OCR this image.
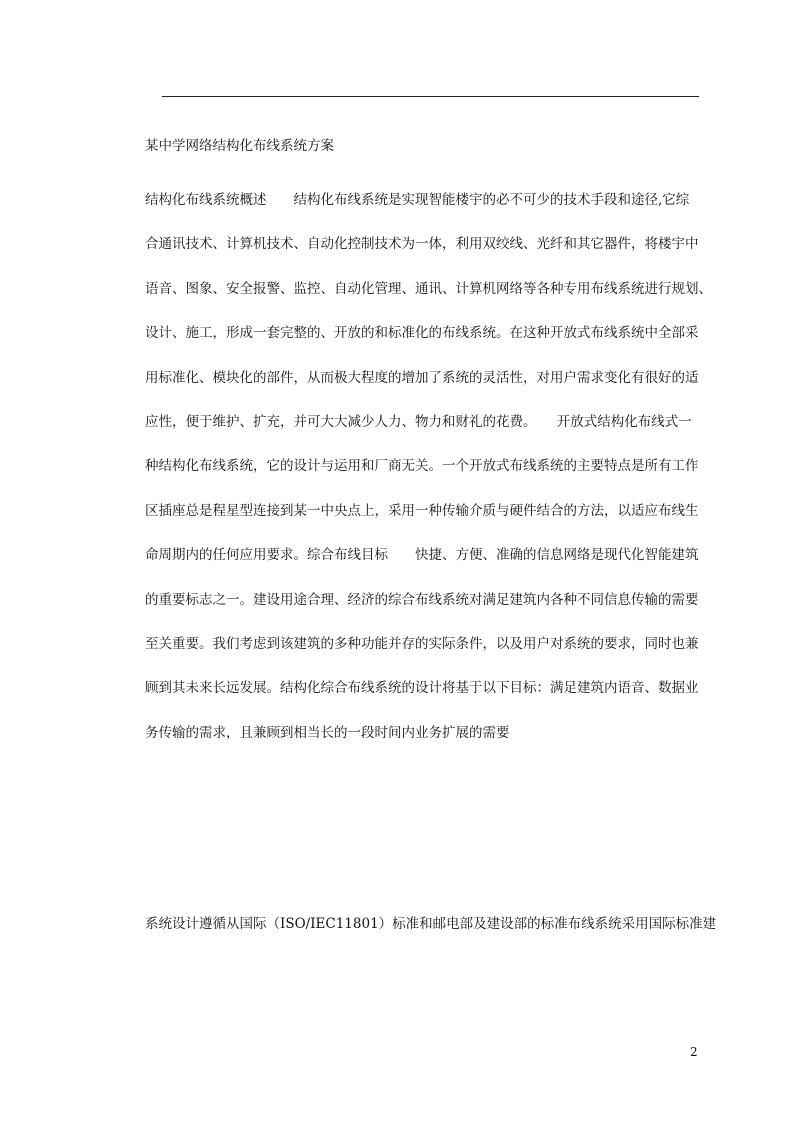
某中学网络结构化布线系统方案
结构化布线系统概述　　结构化布线系统是实现智能楼宇的必不可少的技术手段和途径,它综
合通讯技术、计算机技术、自动化控制技术为一体，利用双绞线、光纤和其它器件，将楼宇中
语音、图象、安全报警、监控、自动化管理、通讯、计算机网络等各种专用布线系统进行规划、
设计、施工，形成一套完整的、开放的和标准化的布线系统。在这种开放式布线系统中全部采
用标准化、模块化的部件，从而极大程度的增加了系统的灵活性，对用户需求变化有很好的适
应性，便于维护、扩充，并可大大减少人力、物力和财礼的花费。　　开放式结构化布线式一
种结构化布线系统，它的设计与运用和厂商无关。一个开放式布线系统的主要特点是所有工作
区插座总是程星型连接到某一中央点上，采用一种传输介质与硬件结合的方法，以适应布线生
命周期内的任何应用要求。综合布线目标　　快捷、方便、准确的信息网络是现代化智能建筑
的重要标志之一。建设用途合理、经济的综合布线系统对满足建筑内各种不同信息传输的需要
至关重要。我们考虑到该建筑的多种功能并存的实际条件，以及用户对系统的要求，同时也兼
顾到其未来长远发展。结构化综合布线系统的设计将基于以下目标：满足建筑内语音、数据业
务传输的需求，且兼顾到相当长的一段时间内业务扩展的需要
系统设计遵循从国际（ISO/IEC11801）标准和邮电部及建设部的标准布线系统采用国际标准建
2
